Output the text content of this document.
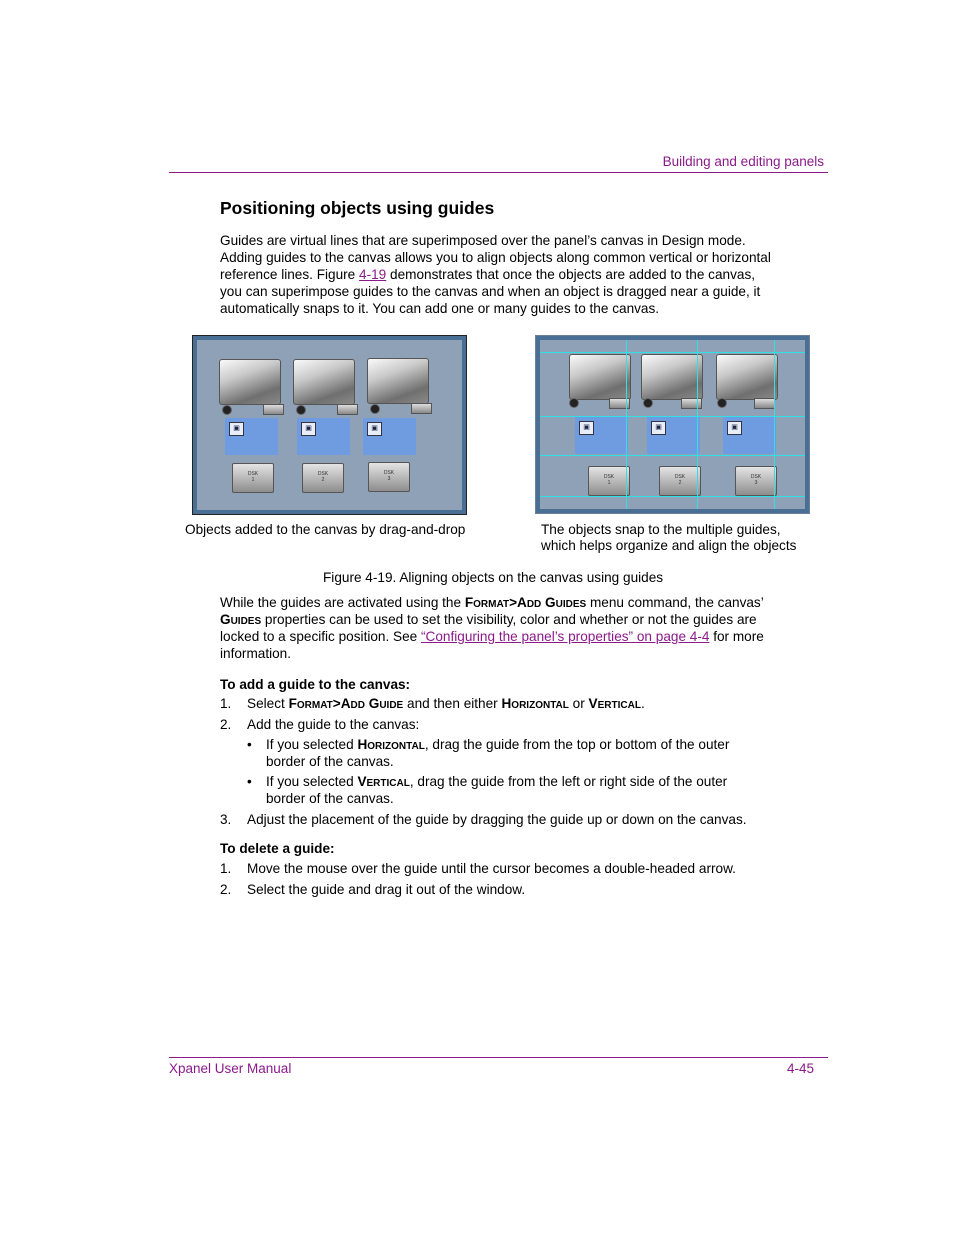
Building and editing panels
Positioning objects using guides

Guides are virtual lines that are superimposed over the panel’s canvas in Design mode. Adding guides to the canvas allows you to align objects along common vertical or horizontal reference lines. Figure 4-19 demonstrates that once the objects are added to the canvas, you can superimpose guides to the canvas and when an object is dragged near a guide, it automatically snaps to it. You can add one or many guides to the canvas.

▣	▣	▣
DSK
1
DSK
2
DSK
3
▣	▣	▣
DSK
1
DSK
2
DSK
3

Objects added to the canvas by drag-and-drop	The objects snap to the multiple guides,
which helps organize and align the objects

Figure 4-19. Aligning objects on the canvas using guides

While the guides are activated using the Format>Add Guides menu command, the canvas’ Guides properties can be used to set the visibility, color and whether or not the guides are locked to a specific position. See “Configuring the panel’s properties” on page 4-4 for more information.

To add a guide to the canvas:
1. Select Format>Add Guide and then either Horizontal or Vertical.
2. Add the guide to the canvas:
• If you selected Horizontal, drag the guide from the top or bottom of the outer border of the canvas.
• If you selected Vertical, drag the guide from the left or right side of the outer border of the canvas.
3. Adjust the placement of the guide by dragging the guide up or down on the canvas.
To delete a guide:
1. Move the mouse over the guide until the cursor becomes a double-headed arrow.
2. Select the guide and drag it out of the window.
Xpanel User Manual	4-45
